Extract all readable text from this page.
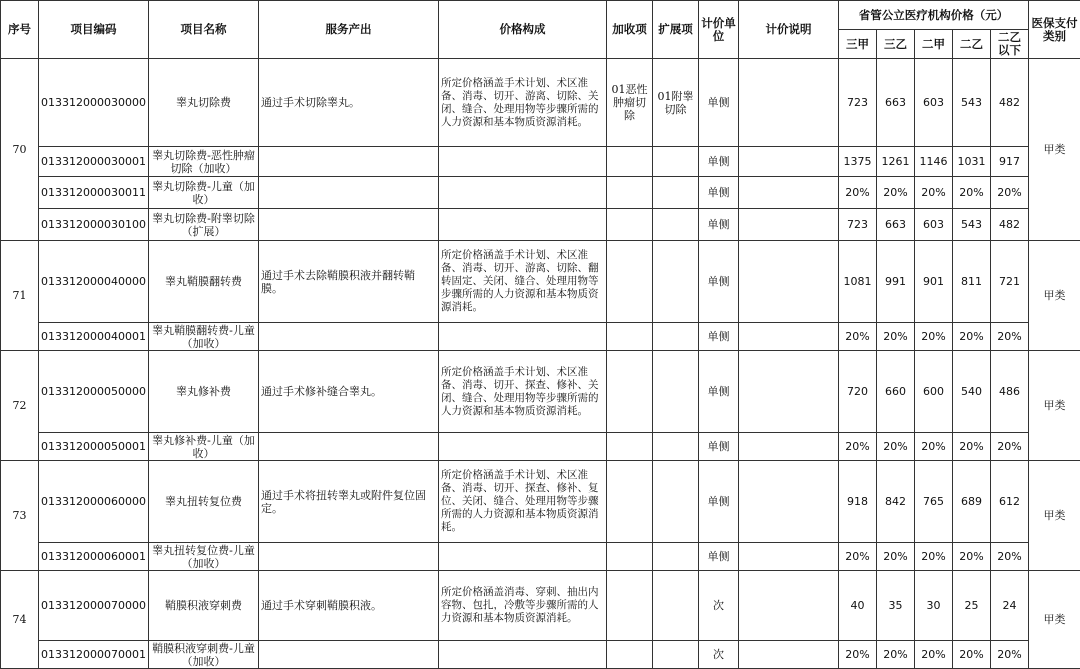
序号	项目编码	项目名称	服务产出	价格构成	加收项	扩展项	计价单位	计价说明	省管公立医疗机构价格（元）					医保支付类别
									三甲	三乙	二甲	二乙	二乙以下	
70	013312000030000	睾丸切除费	通过手术切除睾丸。	所定价格涵盖手术计划、术区准备、消毒、切开、游离、切除、关闭、缝合、处理用物等步骤所需的人力资源和基本物质资源消耗。	01恶性肿瘤切除	01附睾切除	单侧		723	663	603	543	482	甲类
	013312000030001	睾丸切除费-恶性肿瘤切除（加收）					单侧		1375	1261	1146	1031	917	
	013312000030011	睾丸切除费-儿童（加收）					单侧		20%	20%	20%	20%	20%	
	013312000030100	睾丸切除费-附睾切除（扩展）					单侧		723	663	603	543	482	
71	013312000040000	睾丸鞘膜翻转费	通过手术去除鞘膜积液并翻转鞘膜。	所定价格涵盖手术计划、术区准备、消毒、切开、游离、切除、翻转固定、关闭、缝合、处理用物等步骤所需的人力资源和基本物质资源消耗。			单侧		1081	991	901	811	721	甲类
	013312000040001	睾丸鞘膜翻转费-儿童（加收）					单侧		20%	20%	20%	20%	20%	
72	013312000050000	睾丸修补费	通过手术修补缝合睾丸。	所定价格涵盖手术计划、术区准备、消毒、切开、探查、修补、关闭、缝合、处理用物等步骤所需的人力资源和基本物质资源消耗。			单侧		720	660	600	540	486	甲类
	013312000050001	睾丸修补费-儿童（加收）					单侧		20%	20%	20%	20%	20%	
73	013312000060000	睾丸扭转复位费	通过手术将扭转睾丸或附件复位固定。	所定价格涵盖手术计划、术区准备、消毒、切开、探查、修补、复位、关闭、缝合、处理用物等步骤所需的人力资源和基本物质资源消耗。			单侧		918	842	765	689	612	甲类
	013312000060001	睾丸扭转复位费-儿童（加收）					单侧		20%	20%	20%	20%	20%	
74	013312000070000	鞘膜积液穿刺费	通过手术穿刺鞘膜积液。	所定价格涵盖消毒、穿刺、抽出内容物、包扎，冷敷等步骤所需的人力资源和基本物质资源消耗。			次		40	35	30	25	24	甲类
	013312000070001	鞘膜积液穿刺费-儿童（加收）					次		20%	20%	20%	20%	20%	
